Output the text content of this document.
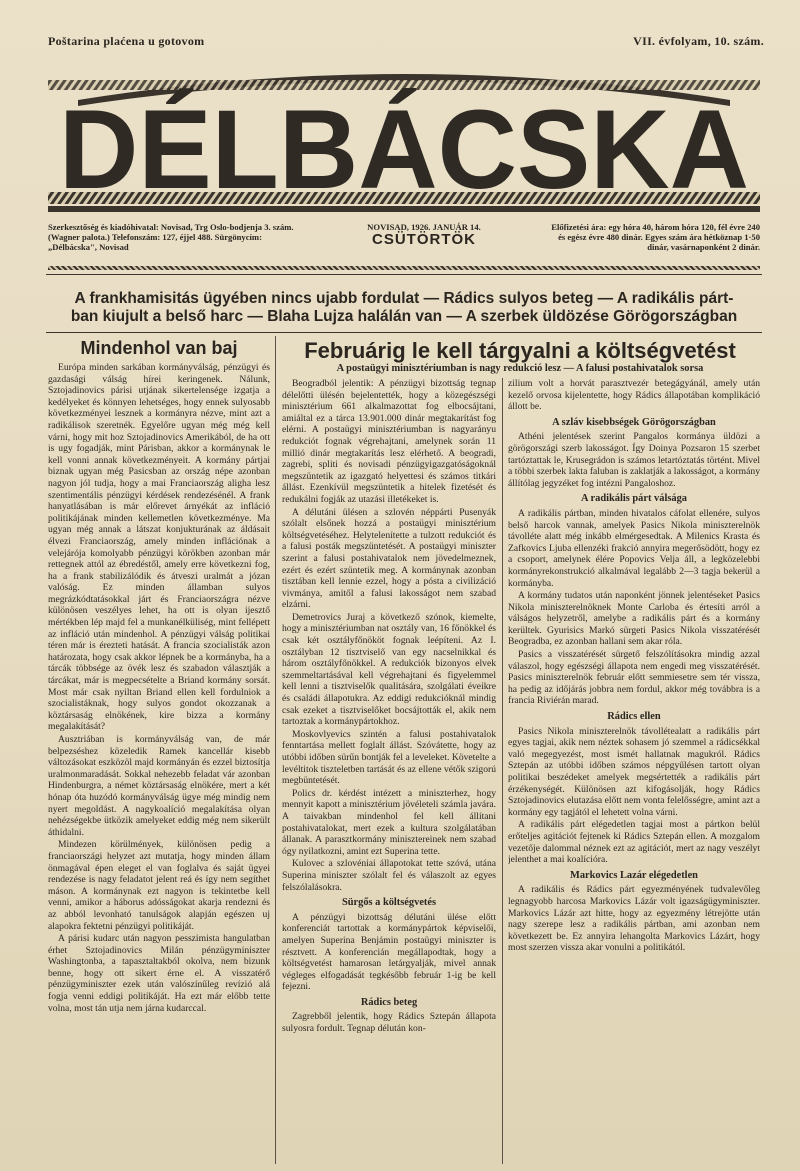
Poštarina plaćena u gotovom	VII. évfolyam, 10. szám.
DÉLBÁCSKA
Szerkesztőség és kiadóhivatal: Novisad, Trg Oslo-bodjenja 3. szám. (Wagner palota.) Telefonszám: 127, éjjel 488. Sürgönycím: „Délbácska", Novisad
NOVISAD, 1926. JANUÁR 14.
CSÜTÖRTÖK
Előfizetési ára: egy hóra 40, három hóra 120, fél évre 240 és egész évre 480 dinár. Egyes szám ára hétköznap 1·50 dinár, vasárnaponként 2 dinár.
A frankhamisitás ügyében nincs ujabb fordulat — Rádics sulyos beteg — A radikális párt-
ban kiujult a belső harc — Blaha Lujza halálán van — A szerbek üldözése Görögországban
Mindenhol van baj

Európa minden sarkában kormányválság, pénzügyi és gazdasági válság hírei keringenek. Nálunk, Sztojadinovics párisi utjának sikertelensége izgatja a kedélyeket és könnyen lehetséges, hogy ennek sulyosabb következményei lesznek a kormányra nézve, mint azt a radikálisok szeretnék. Egyelőre ugyan még még kell várni, hogy mit hoz Sztojadinovics Amerikából, de ha ott is ugy fogadják, mint Párisban, akkor a kormánynak le kell vonni annak következményeit. A kormány pártjai biznak ugyan még Pasicsban az ország népe azonban nagyon jól tudja, hogy a mai Franciaország aligha lesz szentimentális pénzügyi kérdések rendezésénél. A frank hanyatlásában is már előrevet árnyékát az infláció politikájának minden kellemetlen következménye. Ma ugyan még annak a látszat konjukturának az áldásait élvezi Franciaország, amely minden inflációnak a velejárója komolyabb pénzügyi körökben azonban már rettegnek attól az ébredéstől, amely erre következni fog, ha a frank stabilizálódik és átveszi uralmát a józan valóság. Ez minden államban sulyos megrázkódtatásokkal járt és Franciaországra nézve különösen veszélyes lehet, ha ott is olyan ijesztő mértékben lép majd fel a munkanélküliség, mint fellépett az infláció után mindenhol. A pénzügyi válság politikai téren már is érezteti hatását. A francia szocialisták azon határozata, hogy csak akkor lépnek be a kormányba, ha a tárcák többsége az övék lesz és szabadon választják a tárcákat, már is megpecsételte a Briand kormány sorsát. Most már csak nyiltan Briand ellen kell fordulniok a szocialistáknak, hogy sulyos gondot okozzanak a köztársaság elnökének, kire bizza a kormány megalakítását?

Ausztriában is kormányválság van, de már belpezséshez közeledik Ramek kancellár kisebb változásokat eszközöl majd kormányán és ezzel biztosítja uralmonmaradását. Sokkal nehezebb feladat vár azonban Hindenburgra, a német köztársaság elnökére, mert a két hónap óta huzódó kormányválság ügye még mindig nem nyert megoldást. A nagykoalíció megalakítása olyan nehézségekbe ütközik amelyeket eddig még nem sikerült áthidalni.

Mindezen körülmények, különösen pedig a franciaországi helyzet azt mutatja, hogy minden állam önmagával épen eleget el van foglalva és saját ügyei rendezése is nagy feladatot jelent reá és így nem segíthet máson. A kormánynak ezt nagyon is tekintetbe kell venni, amikor a háborus adósságokat akarja rendezni és az abból levonható tanulságok alapján egészen uj alapokra fektetni pénzügyi politikáját.

A párisi kudarc után nagyon pesszimista hangulatban érhet Sztojadinovics Milán pénzügyminiszter Washingtonba, a tapasztaltakból okolva, nem bizunk benne, hogy ott sikert érne el. A visszatérő pénzügyminiszter ezek után valószínűleg revízió alá fogja venni eddigi politikáját. Ha ezt már előbb tette volna, most tán utja nem járna kudarccal.

Februárig le kell tárgyalni a költségvetést
A postaügyi minisztériumban is nagy redukció lesz — A falusi postahivatalok sorsa

Beogradból jelentik: A pénzügyi bizottság tegnap délelőtti ülésén bejelentették, hogy a közegészségi minisztérium 661 alkalmazottat fog elbocsájtani, amiáltal ez a tárca 13.901.000 dinár megtakarítást fog elérni. A postaügyi minisztériumban is nagyarányu redukciót fognak végrehajtani, amelynek során 11 millió dinár megtakarítás lesz elérhető. A beogradi, zagrebi, spliti és novisadi pénzügyigazgatóságoknál megszüntetik az igazgató helyettesi és számos titkári állást. Ezenkívül megszüntetik a hitelek fizetését és redukálni fogják az utazási illetékeket is.

A délutáni ülésen a szlovén néppárti Pusenyák szólalt elsőnek hozzá a postaügyi minisztérium költségvetéséhez. Helytelenítette a tulzott redukciót és a falusi posták megszüntetését. A postaügyi miniszter szerint a falusi postahivatalok nem jövedelmeznek, ezért és ezért szüntetik meg. A kormánynak azonban tisztában kell lennie ezzel, hogy a pósta a civilizáció vivmánya, amitől a falusi lakosságot nem szabad elzárni.

Demetrovics Juraj a következő szónok, kiemelte, hogy a minisztériumban nat osztály van, 16 főnökkel és csak két osztályfőnököt fognak leépíteni. Az I. osztályban 12 tisztviselő van egy nacselnikkal és három osztályfőnökkel. A redukciók bizonyos elvek szemmeltartásával kell végrehajtani és figyelemmel kell lenni a tisztviselők qualitására, szolgálati éveikre és családi állapotukra. Az eddigi redukcióknál mindig csak ezeket a tisztviselőket bocsájtották el, akik nem tartoztak a kormánypártokhoz.

Moskovlyevics szintén a falusi postahivatalok fenntartása mellett foglalt állást. Szóvátette, hogy az utóbbi időben sürűn bontják fel a leveleket. Követelte a levéltitok tiszteletben tartását és az ellene vétők szigorú megbüntetését.

Polics dr. kérdést intézett a miniszterhez, hogy mennyit kapott a minisztérium jövéleteli számla javára. A taivakban mindenhol fel kell állítani postahivatalokat, mert ezek a kultura szolgálatában állanak. A parasztkormány minisztereinek nem szabad ógy nyilatkozni, amint ezt Superina tette.

Kulovec a szlovéniai állapotokat tette szóvá, utána Superina miniszter szólalt fel és válaszolt az egyes felszólalásokra.

Sürgős a költségvetés

A pénzügyi bizottság délutáni ülése előtt konferenciát tartottak a kormánypártok képviselői, amelyen Superina Benjámin postaügyi miniszter is résztvett. A konferencián megállapodtak, hogy a költségvetést hamarosan letárgyalják, mivel annak végleges elfogadását tegkésőbb február 1-ig be kell fejezni.

Rádics beteg

Zagrebből jelentik, hogy Rádics Sztepán állapota sulyosra fordult. Tegnap délután kon-

zilium volt a horvát parasztvezér betegágyánál, amely után kezelő orvosa kijelentette, hogy Rádics állapotában komplikáció állott be.

A szláv kisebbségek Görögországban

Athéni jelentések szerint Pangalos kormánya üldözi a görögországi szerb lakosságot. Így Doinya Pozsaron 15 szerbet tartóztattak le, Krusegrádon is számos letartóztatás történt. Mivel a többi szerbek lakta faluban is zaklatják a lakosságot, a kormány állítólag jegyzéket fog intézni Pangaloshoz.

A radikális párt válsága

A radikális pártban, minden hivatalos cáfolat ellenére, sulyos belső harcok vannak, amelyek Pasics Nikola miniszterelnök távolléte alatt még inkább elmérgesedtak. A Milenics Krasta és Zafkovics Ljuba ellenzéki frakció annyira megerősödött, hogy ez a csoport, amelynek élére Popovics Velja áll, a legközelebbi kormányrekonstrukció alkalmával legalább 2—3 tagja bekerül a kormányba.

A kormány tudatos után naponként jönnek jelentéseket Pasics Nikola miniszterelnöknek Monte Carloba és értesíti arról a válságos helyzetről, amelybe a radikális párt és a kormány kerültek. Gyurisics Markó sürgeti Pasics Nikola visszatérését Beogradba, ez azonban hallani sem akar róla.

Pasics a visszatérését sürgető felszólításokra mindig azzal válaszol, hogy egészségi állapota nem engedi meg visszatérését. Pasics miniszterelnök február előtt semmiesetre sem tér vissza, ha pedig az időjárás jobbra nem fordul, akkor még továbbra is a francia Riviérán marad.

Rádics ellen

Pasics Nikola miniszterelnök távollétealatt a radikális párt egyes tagjai, akik nem néztek sohasem jó szemmel a rádicsékkal való megegyezést, most ismét hallatnak magukról. Rádics Sztepán az utóbbi időben számos népgyűlésen tartott olyan politikai beszédeket amelyek megsértették a radikális párt érzékenységét. Különösen azt kifogásolják, hogy Rádics Sztojadinovics elutazása előtt nem vonta felelősségre, amint azt a kormány egy tagjától el lehetett volna várni.

A radikális párt elégedetlen tagjai most a pártkon belül erőteljes agitációt fejtenek ki Rádics Sztepán ellen. A mozgalom vezetője dalommal néznek ezt az agitációt, mert az nagy veszélyt jelenthet a mai koalícióra.

Markovics Lazár elégedetlen

A radikális és Rádics párt egyezményének tudvalevőleg legnagyobb harcosa Markovics Lázár volt igazságügyminiszter. Markovics Lázár azt hitte, hogy az egyezmény létrejötte után nagy szerepe lesz a radikális pártban, ami azonban nem következett be. Ez annyira lehangolta Markovics Lázárt, hogy most szerzen vissza akar vonulni a politikától.
